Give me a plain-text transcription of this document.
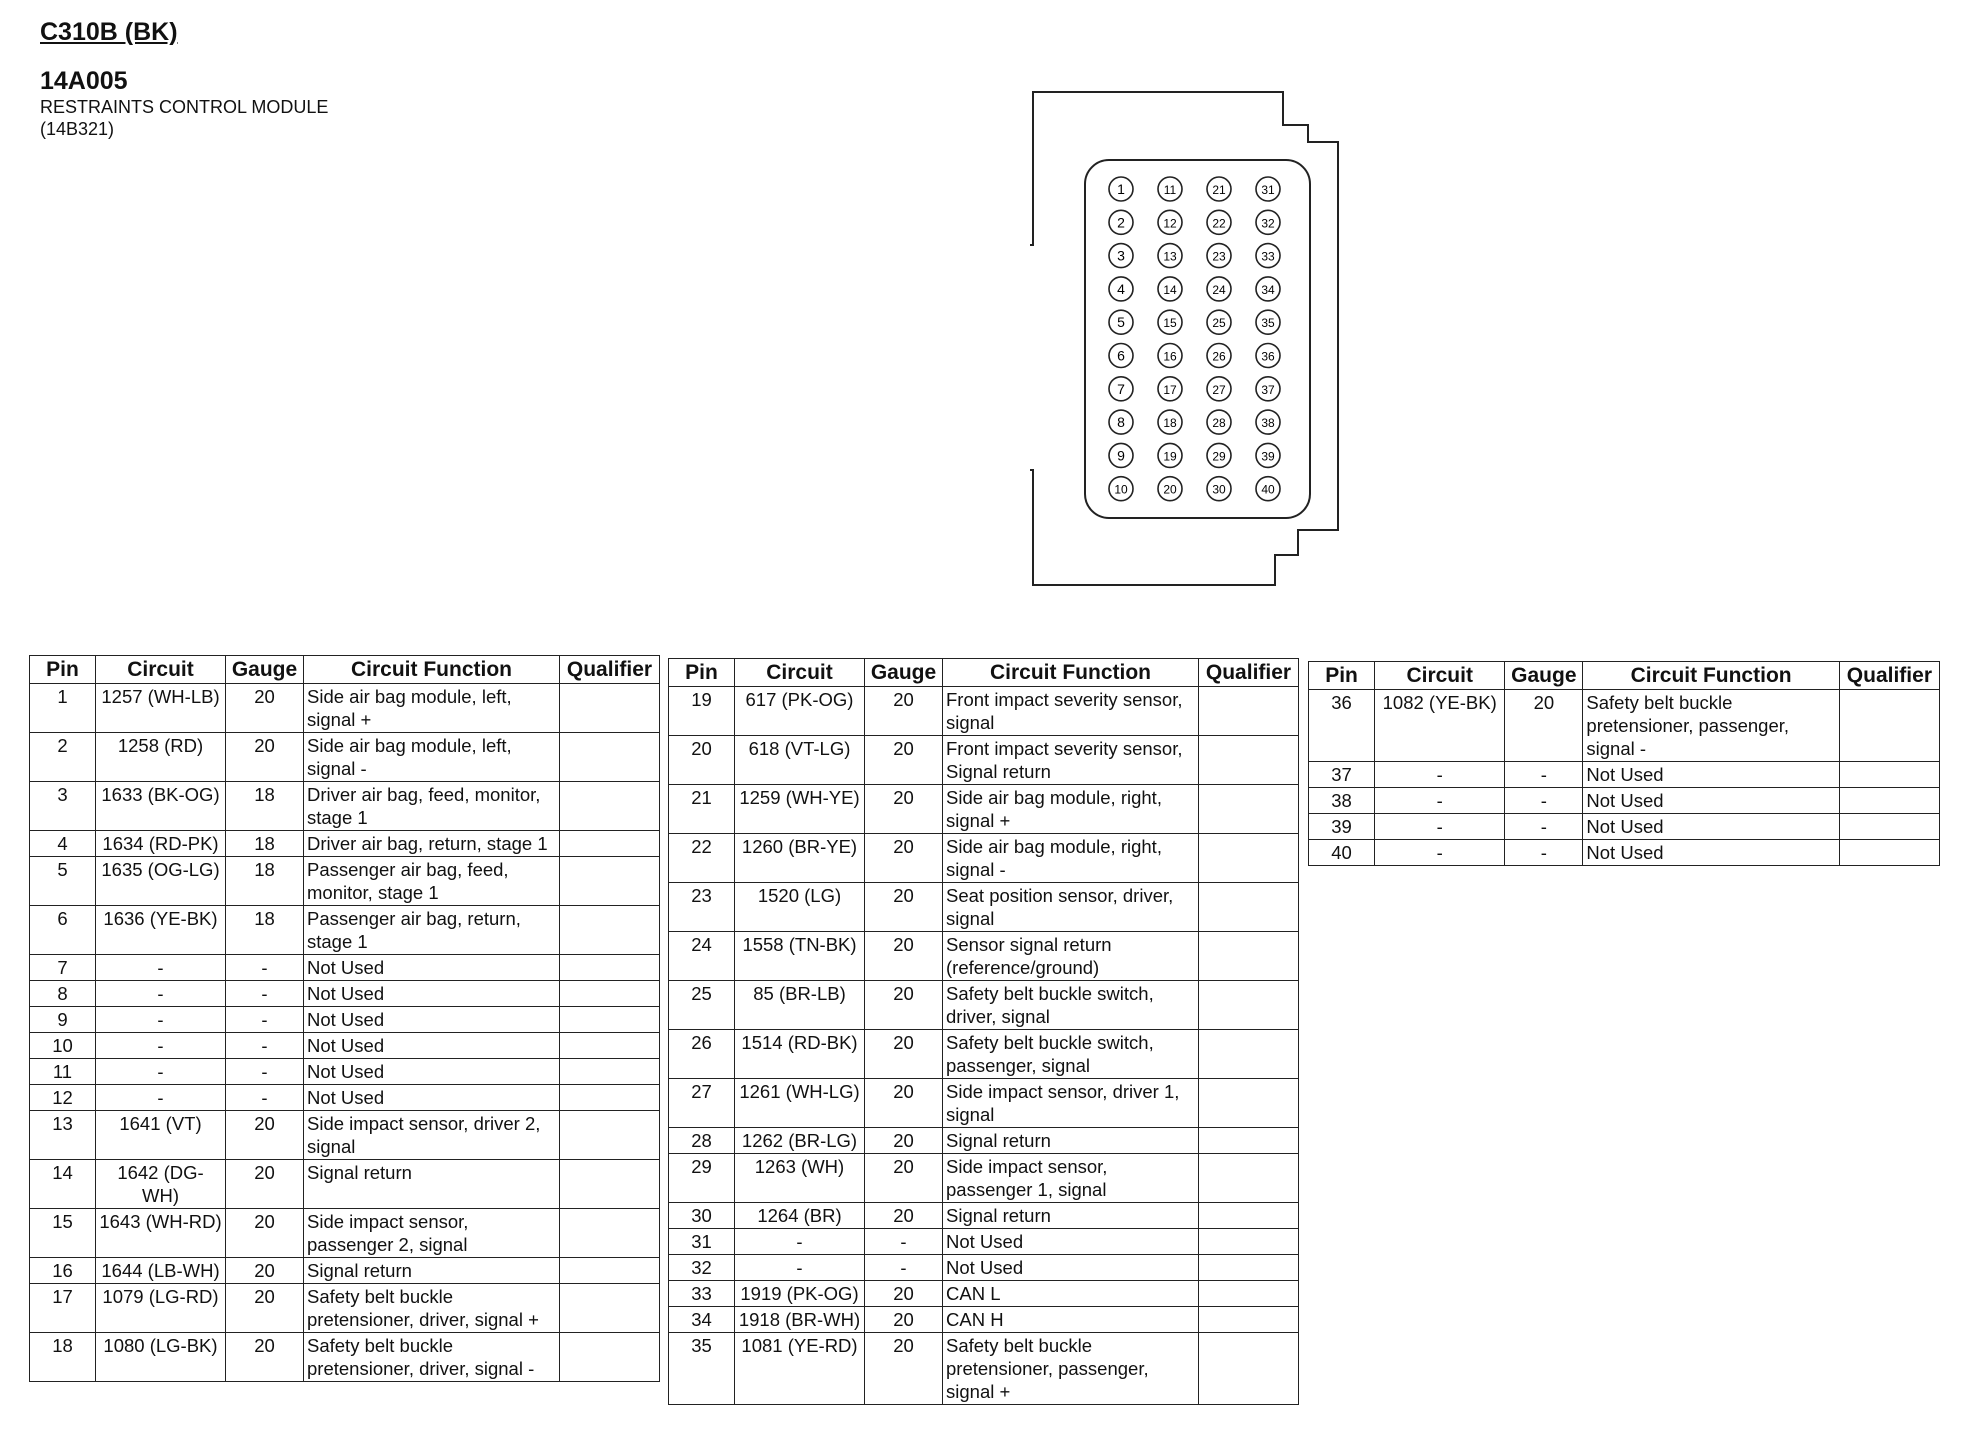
C310B (BK)
14A005
RESTRAINTS CONTROL MODULE
(14B321)
1
2
3
4
5
6
7
8
9
10
11
12
13
14
15
16
17
18
19
20
21
22
23
24
25
26
27
28
29
30
31
32
33
34
35
36
37
38
39
40
Pin	Circuit	Gauge	Circuit Function	Qualifier
1	1257 (WH-LB)	20	Side air bag module, left, signal +	
2	1258 (RD)	20	Side air bag module, left, signal -	
3	1633 (BK-OG)	18	Driver air bag, feed, monitor, stage 1	
4	1634 (RD-PK)	18	Driver air bag, return, stage 1	
5	1635 (OG-LG)	18	Passenger air bag, feed, monitor, stage 1	
6	1636 (YE-BK)	18	Passenger air bag, return, stage 1	
7	-	-	Not Used	
8	-	-	Not Used	
9	-	-	Not Used	
10	-	-	Not Used	
11	-	-	Not Used	
12	-	-	Not Used	
13	1641 (VT)	20	Side impact sensor, driver 2, signal	
14	1642 (DG-WH)	20	Signal return	
15	1643 (WH-RD)	20	Side impact sensor, passenger 2, signal	
16	1644 (LB-WH)	20	Signal return	
17	1079 (LG-RD)	20	Safety belt buckle pretensioner, driver, signal +	
18	1080 (LG-BK)	20	Safety belt buckle pretensioner, driver, signal -	
Pin	Circuit	Gauge	Circuit Function	Qualifier
19	617 (PK-OG)	20	Front impact severity sensor, signal	
20	618 (VT-LG)	20	Front impact severity sensor, Signal return	
21	1259 (WH-YE)	20	Side air bag module, right, signal +	
22	1260 (BR-YE)	20	Side air bag module, right, signal -	
23	1520 (LG)	20	Seat position sensor, driver, signal	
24	1558 (TN-BK)	20	Sensor signal return (reference/ground)	
25	85 (BR-LB)	20	Safety belt buckle switch, driver, signal	
26	1514 (RD-BK)	20	Safety belt buckle switch, passenger, signal	
27	1261 (WH-LG)	20	Side impact sensor, driver 1, signal	
28	1262 (BR-LG)	20	Signal return	
29	1263 (WH)	20	Side impact sensor, passenger 1, signal	
30	1264 (BR)	20	Signal return	
31	-	-	Not Used	
32	-	-	Not Used	
33	1919 (PK-OG)	20	CAN L	
34	1918 (BR-WH)	20	CAN H	
35	1081 (YE-RD)	20	Safety belt buckle pretensioner, passenger, signal +	
Pin	Circuit	Gauge	Circuit Function	Qualifier
36	1082 (YE-BK)	20	Safety belt buckle pretensioner, passenger, signal -	
37	-	-	Not Used	
38	-	-	Not Used	
39	-	-	Not Used	
40	-	-	Not Used	
